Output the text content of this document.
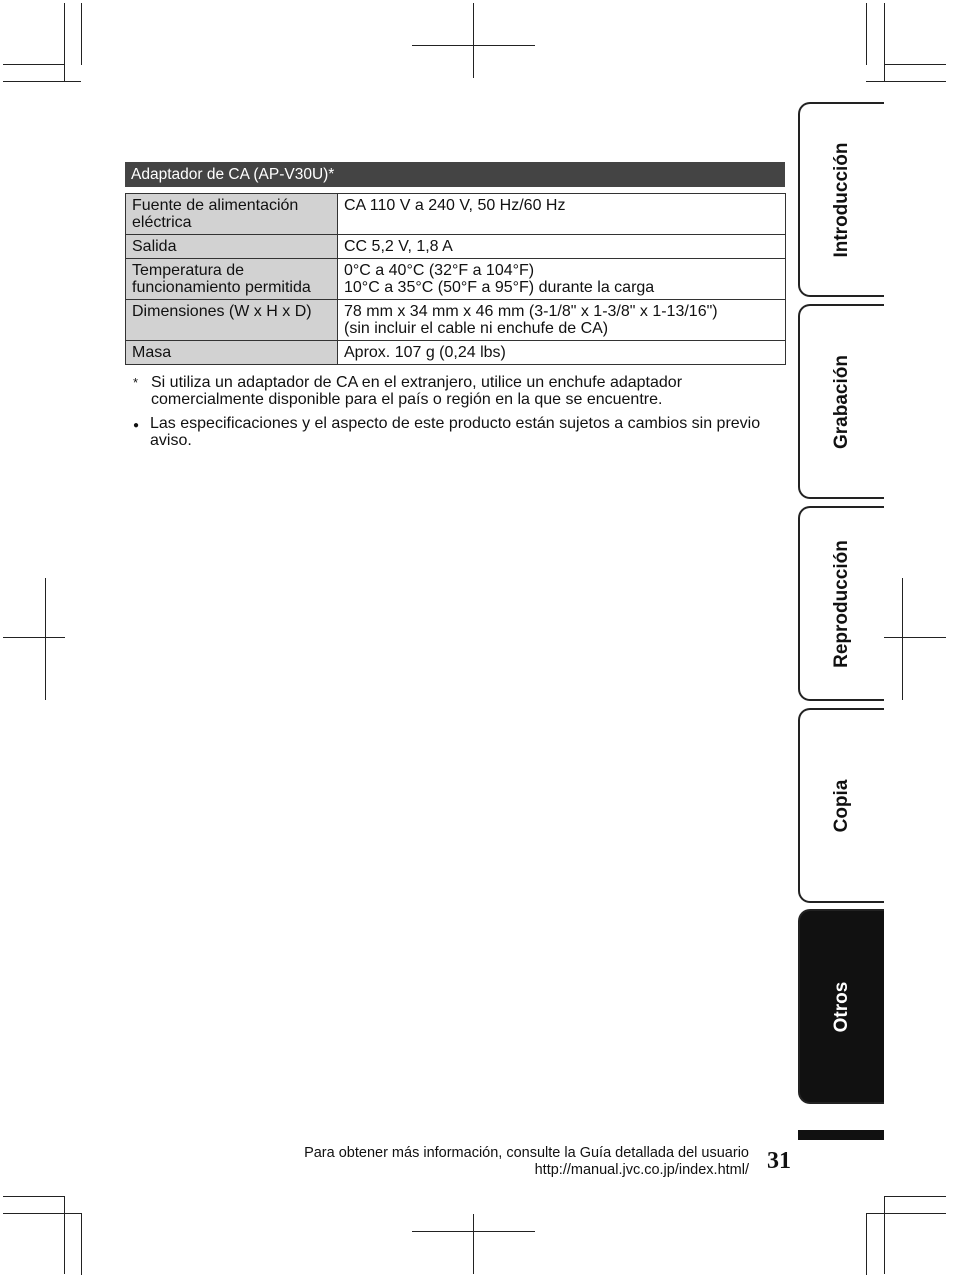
Adaptador de CA (AP-V30U)*
Fuente de alimentación eléctrica	CA 110 V a 240 V, 50 Hz/60 Hz
Salida	CC 5,2 V, 1,8 A
Temperatura de funcionamiento permitida	0°C a 40°C (32°F a 104°F)
10°C a 35°C (50°F a 95°F) durante la carga
Dimensiones (W x H x D)	78 mm x 34 mm x 46 mm (3-1/8" x 1-3/8" x 1-13/16")
(sin incluir el cable ni enchufe de CA)
Masa	Aprox. 107 g (0,24 lbs)
* Si utiliza un adaptador de CA en el extranjero, utilice un enchufe adaptador comercialmente disponible para el país o región en la que se encuentre.
● Las especificaciones y el aspecto de este producto están sujetos a cambios sin previo aviso.
Introducción
Grabación
Reproducción
Copia
Otros
Para obtener más información, consulte la Guía detallada del usuario
http://manual.jvc.co.jp/index.html/ 31
